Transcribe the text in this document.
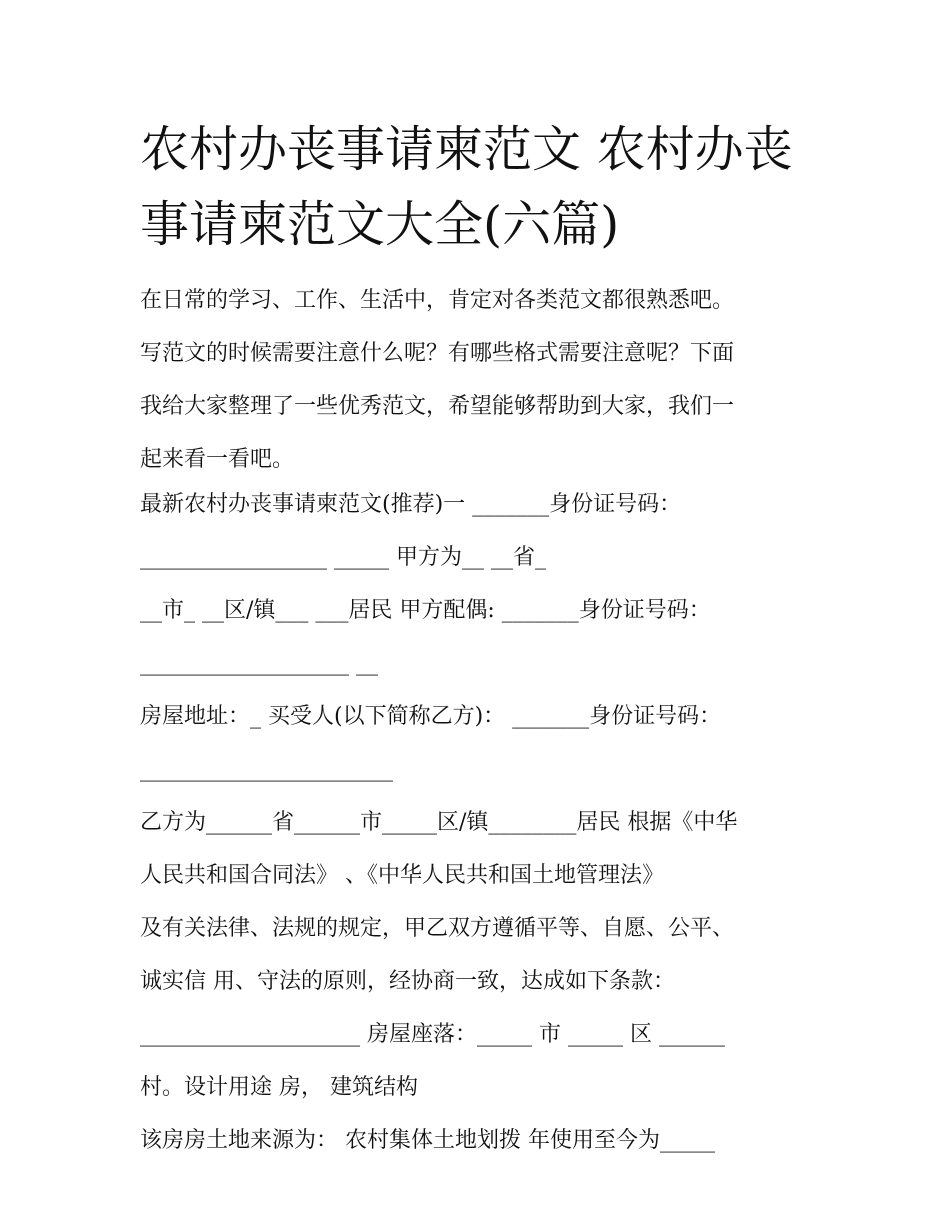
农村办丧事请柬范文 农村办丧
事请柬范文大全(六篇)
在日常的学习、工作、生活中，肯定对各类范文都很熟悉吧。
写范文的时候需要注意什么呢？有哪些格式需要注意呢？下面
我给大家整理了一些优秀范文，希望能够帮助到大家，我们一
起来看一看吧。
最新农村办丧事请柬范文(推荐)一 _______身份证号码：
_________________ _____ 甲方为__ __省_
__市_ __区/镇___ ___居民 甲方配偶: _______身份证号码：
___________________ __
房屋地址：_ 买受人(以下简称乙方)： _______身份证号码：
_______________________
乙方为______省______市_____区/镇________居民 根据《中华
人民共和国合同法》 、《中华人民共和国土地管理法》
及有关法律、法规的规定，甲乙双方遵循平等、自愿、公平、
诚实信 用、守法的原则，经协商一致，达成如下条款：
____________________ 房屋座落：_____ 市 _____ 区 ______
村。设计用途 房， 建筑结构
该房房土地来源为： 农村集体土地划拨 年使用至今为_____
